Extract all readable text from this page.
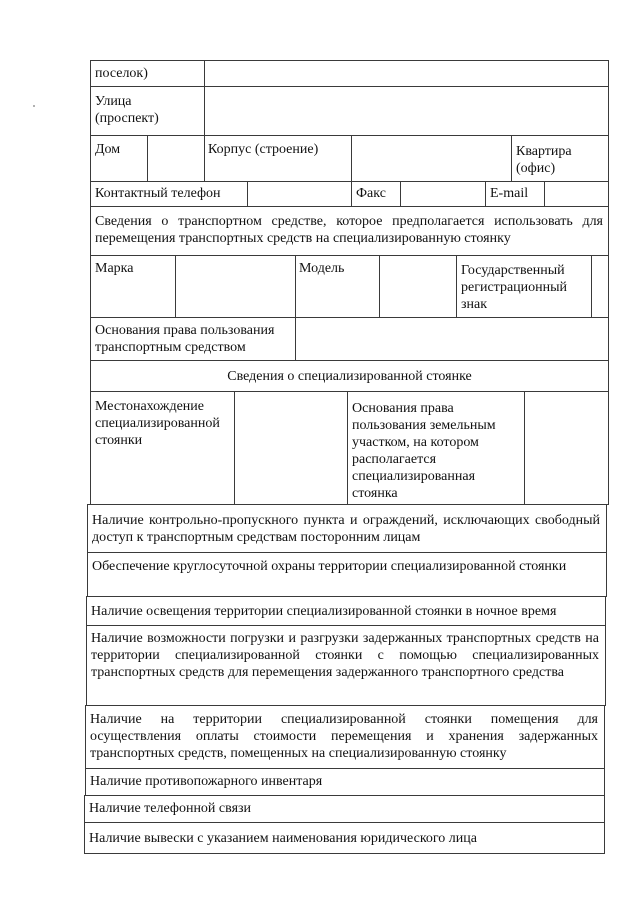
поселок)
Улица (проспект)
Дом	Корпус (строение)	Квартира (офис)
Контактный телефон	Факс	E-mail
Сведения о транспортном средстве, которое предполагается использовать для перемещения транспортных средств на специализированную стоянку
Марка	Модель	Государственный регистрационный знак
Основания права пользования транспортным средством
Сведения о специализированной стоянке
Местонахождение специализированной стоянки
Основания права пользования земельным участком, на котором располагается специализированная стоянка
Наличие контрольно-пропускного пункта и ограждений, исключающих свободный доступ к транспортным средствам посторонним лицам
Обеспечение круглосуточной охраны территории специализированной стоянки
Наличие освещения территории специализированной стоянки в ночное время
Наличие возможности погрузки и разгрузки задержанных транспортных средств на территории специализированной стоянки с помощью специализированных транспортных средств для перемещения задержанного транспортного средства
Наличие на территории специализированной стоянки помещения для осуществления оплаты стоимости перемещения и хранения задержанных транспортных средств, помещенных на специализированную стоянку
Наличие противопожарного инвентаря
Наличие телефонной связи
Наличие вывески с указанием наименования юридического лица
